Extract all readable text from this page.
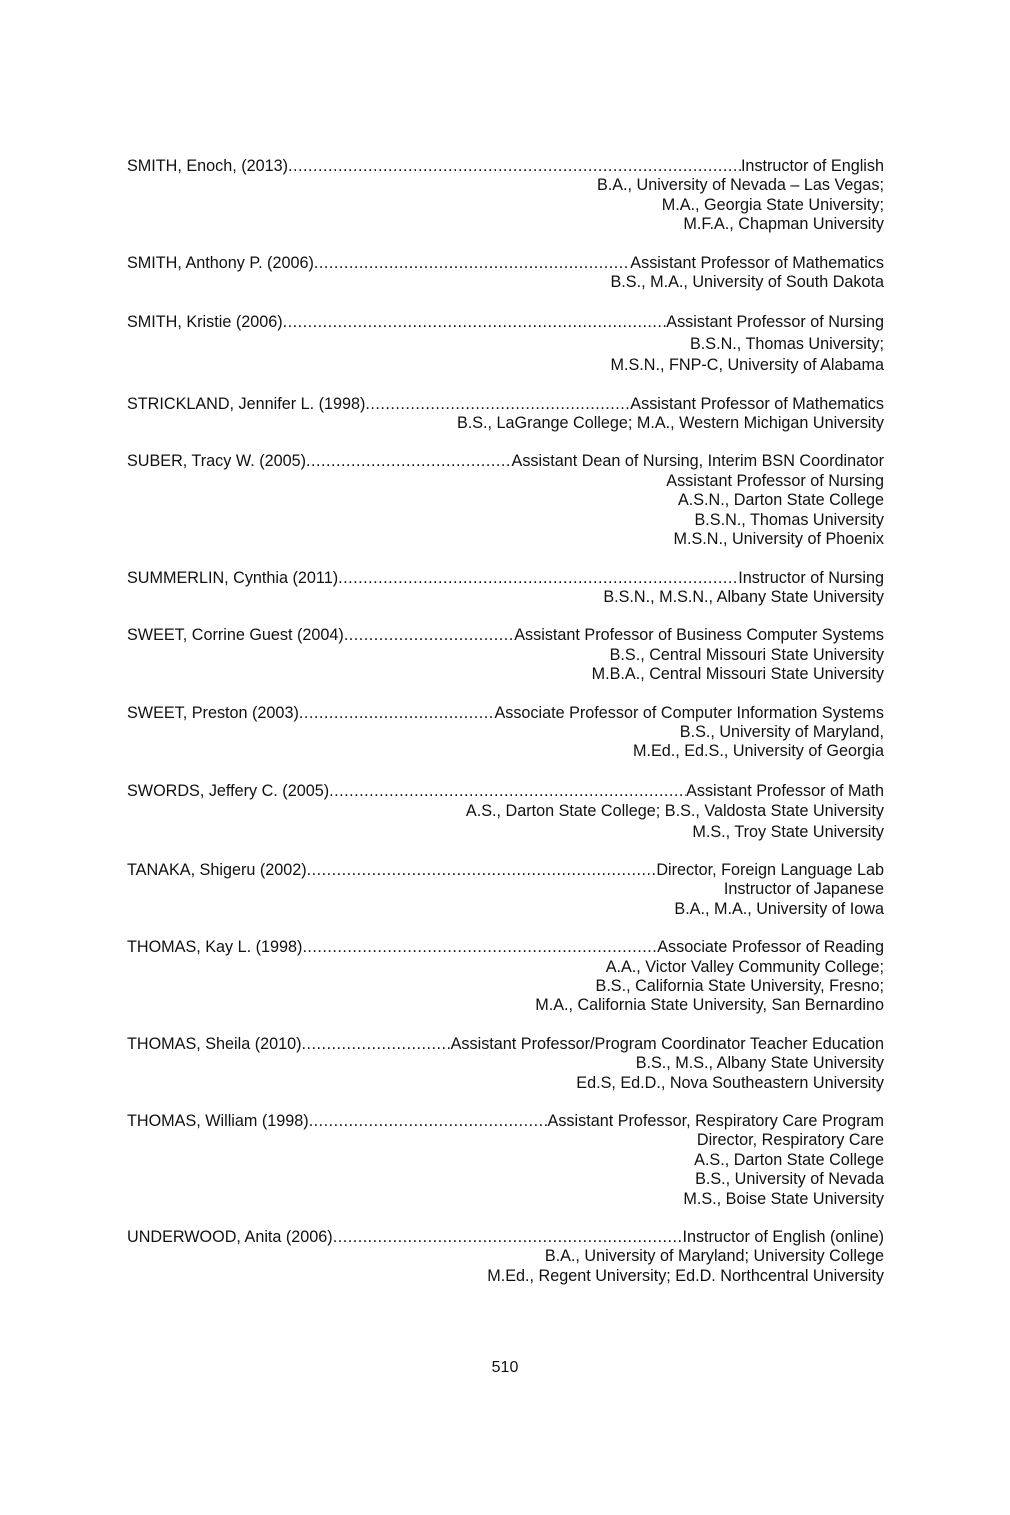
SMITH, Enoch, (2013) .....	Instructor of English
B.A., University of Nevada – Las Vegas;
M.A., Georgia State University;
M.F.A., Chapman University
SMITH, Anthony P. (2006) .....	Assistant Professor of Mathematics
B.S., M.A., University of South Dakota
SMITH, Kristie (2006) .....	Assistant Professor of Nursing
B.S.N., Thomas University;
M.S.N., FNP-C, University of Alabama
STRICKLAND, Jennifer L. (1998) .....	Assistant Professor of Mathematics
B.S., LaGrange College; M.A., Western Michigan University
SUBER, Tracy W. (2005) .....	Assistant Dean of Nursing, Interim BSN Coordinator
Assistant Professor of Nursing
A.S.N., Darton State College
B.S.N., Thomas University
M.S.N., University of Phoenix
SUMMERLIN, Cynthia (2011) .....	Instructor of Nursing
B.S.N., M.S.N., Albany State University
SWEET, Corrine Guest (2004) .....	Assistant Professor of Business Computer Systems
B.S., Central Missouri State University
M.B.A., Central Missouri State University
SWEET, Preston (2003) .....	Associate Professor of Computer Information Systems
B.S., University of Maryland,
M.Ed., Ed.S., University of Georgia
SWORDS, Jeffery C. (2005) .....	Assistant Professor of Math
A.S., Darton State College; B.S., Valdosta State University
M.S., Troy State University
TANAKA, Shigeru (2002) .....	Director, Foreign Language Lab
Instructor of Japanese
B.A., M.A., University of Iowa
THOMAS, Kay L. (1998) .....	Associate Professor of Reading
A.A., Victor Valley Community College;
B.S., California State University, Fresno;
M.A., California State University, San Bernardino
THOMAS, Sheila (2010) .....	Assistant Professor/Program Coordinator Teacher Education
B.S., M.S., Albany State University
Ed.S, Ed.D., Nova Southeastern University
THOMAS, William (1998) .....	Assistant Professor, Respiratory Care Program
Director, Respiratory Care
A.S., Darton State College
B.S., University of Nevada
M.S., Boise State University
UNDERWOOD, Anita (2006) .....	Instructor of English (online)
B.A., University of Maryland; University College
M.Ed., Regent University; Ed.D. Northcentral University
510
